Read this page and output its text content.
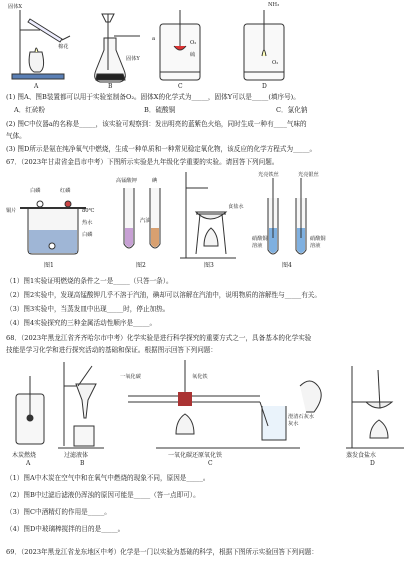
固体X
棉花
固体Y
a
O₂
硫
NH₃
O₂
A	B	C	D
(1) 图A、图B装置都可以用于实验室制备O₂。固体X的化学式为_____，固体Y可以是_____(填序号)。
A．红砖粉	B．硫酸铜	C．氯化钠
(2) 图C中仪器a的名称是_____，该实验可观察到：发出明亮的蓝紫色火焰，同时生成一种有____气味的
气体。
(3) 图D所示是氨在纯净氧气中燃烧，生成一种单质和一种常见稳定氧化物，该反应的化学方程式为_____。
67．（2023年甘肃省金昌市中考）下图所示实验是九年级化学重要的实验。请回答下列问题。
白磷	红磷
铜片	80℃
热水
白磷
高锰酸钾	碘
汽油
食盐水
光亮铁丝	光亮银丝
硝酸铜
溶液
硝酸铜
溶液
图1	图2	图3	图4
（1）图1实验证明燃烧的条件之一是_____（只答一条）。
（2）图2实验中，发现高锰酸钾几乎不溶于汽油，碘却可以溶解在汽油中，说明物质的溶解性与_____有关。
（3）图3实验中，当蒸发皿中出现_____时，停止加热。
（4）图4实验探究的三种金属活动性顺序是_____。
68．（2023年黑龙江省齐齐哈尔市中考）化学实验是进行科学探究的重要方式之一，具备基本的化学实验
技能是学习化学和进行探究活动的基础和保证。根据图示回答下列问题：
一氧化碳	氧化铁
澄清石灰水
灰水
木炭燃烧
A
过滤液体
B
一氧化碳还原氧化铁
C
蒸发食盐水
D
（1）图A中木炭在空气中和在氧气中燃烧的现象不同，原因是_____。
（2）图B中过滤后滤液仍浑浊的原因可能是_____（答一点即可）。
（3）图C中酒精灯的作用是_____。
（4）图D中玻璃棒搅拌的目的是_____。
69．（2023年黑龙江省龙东地区中考）化学是一门以实验为基础的科学，根据下图所示实验回答下列问题：
